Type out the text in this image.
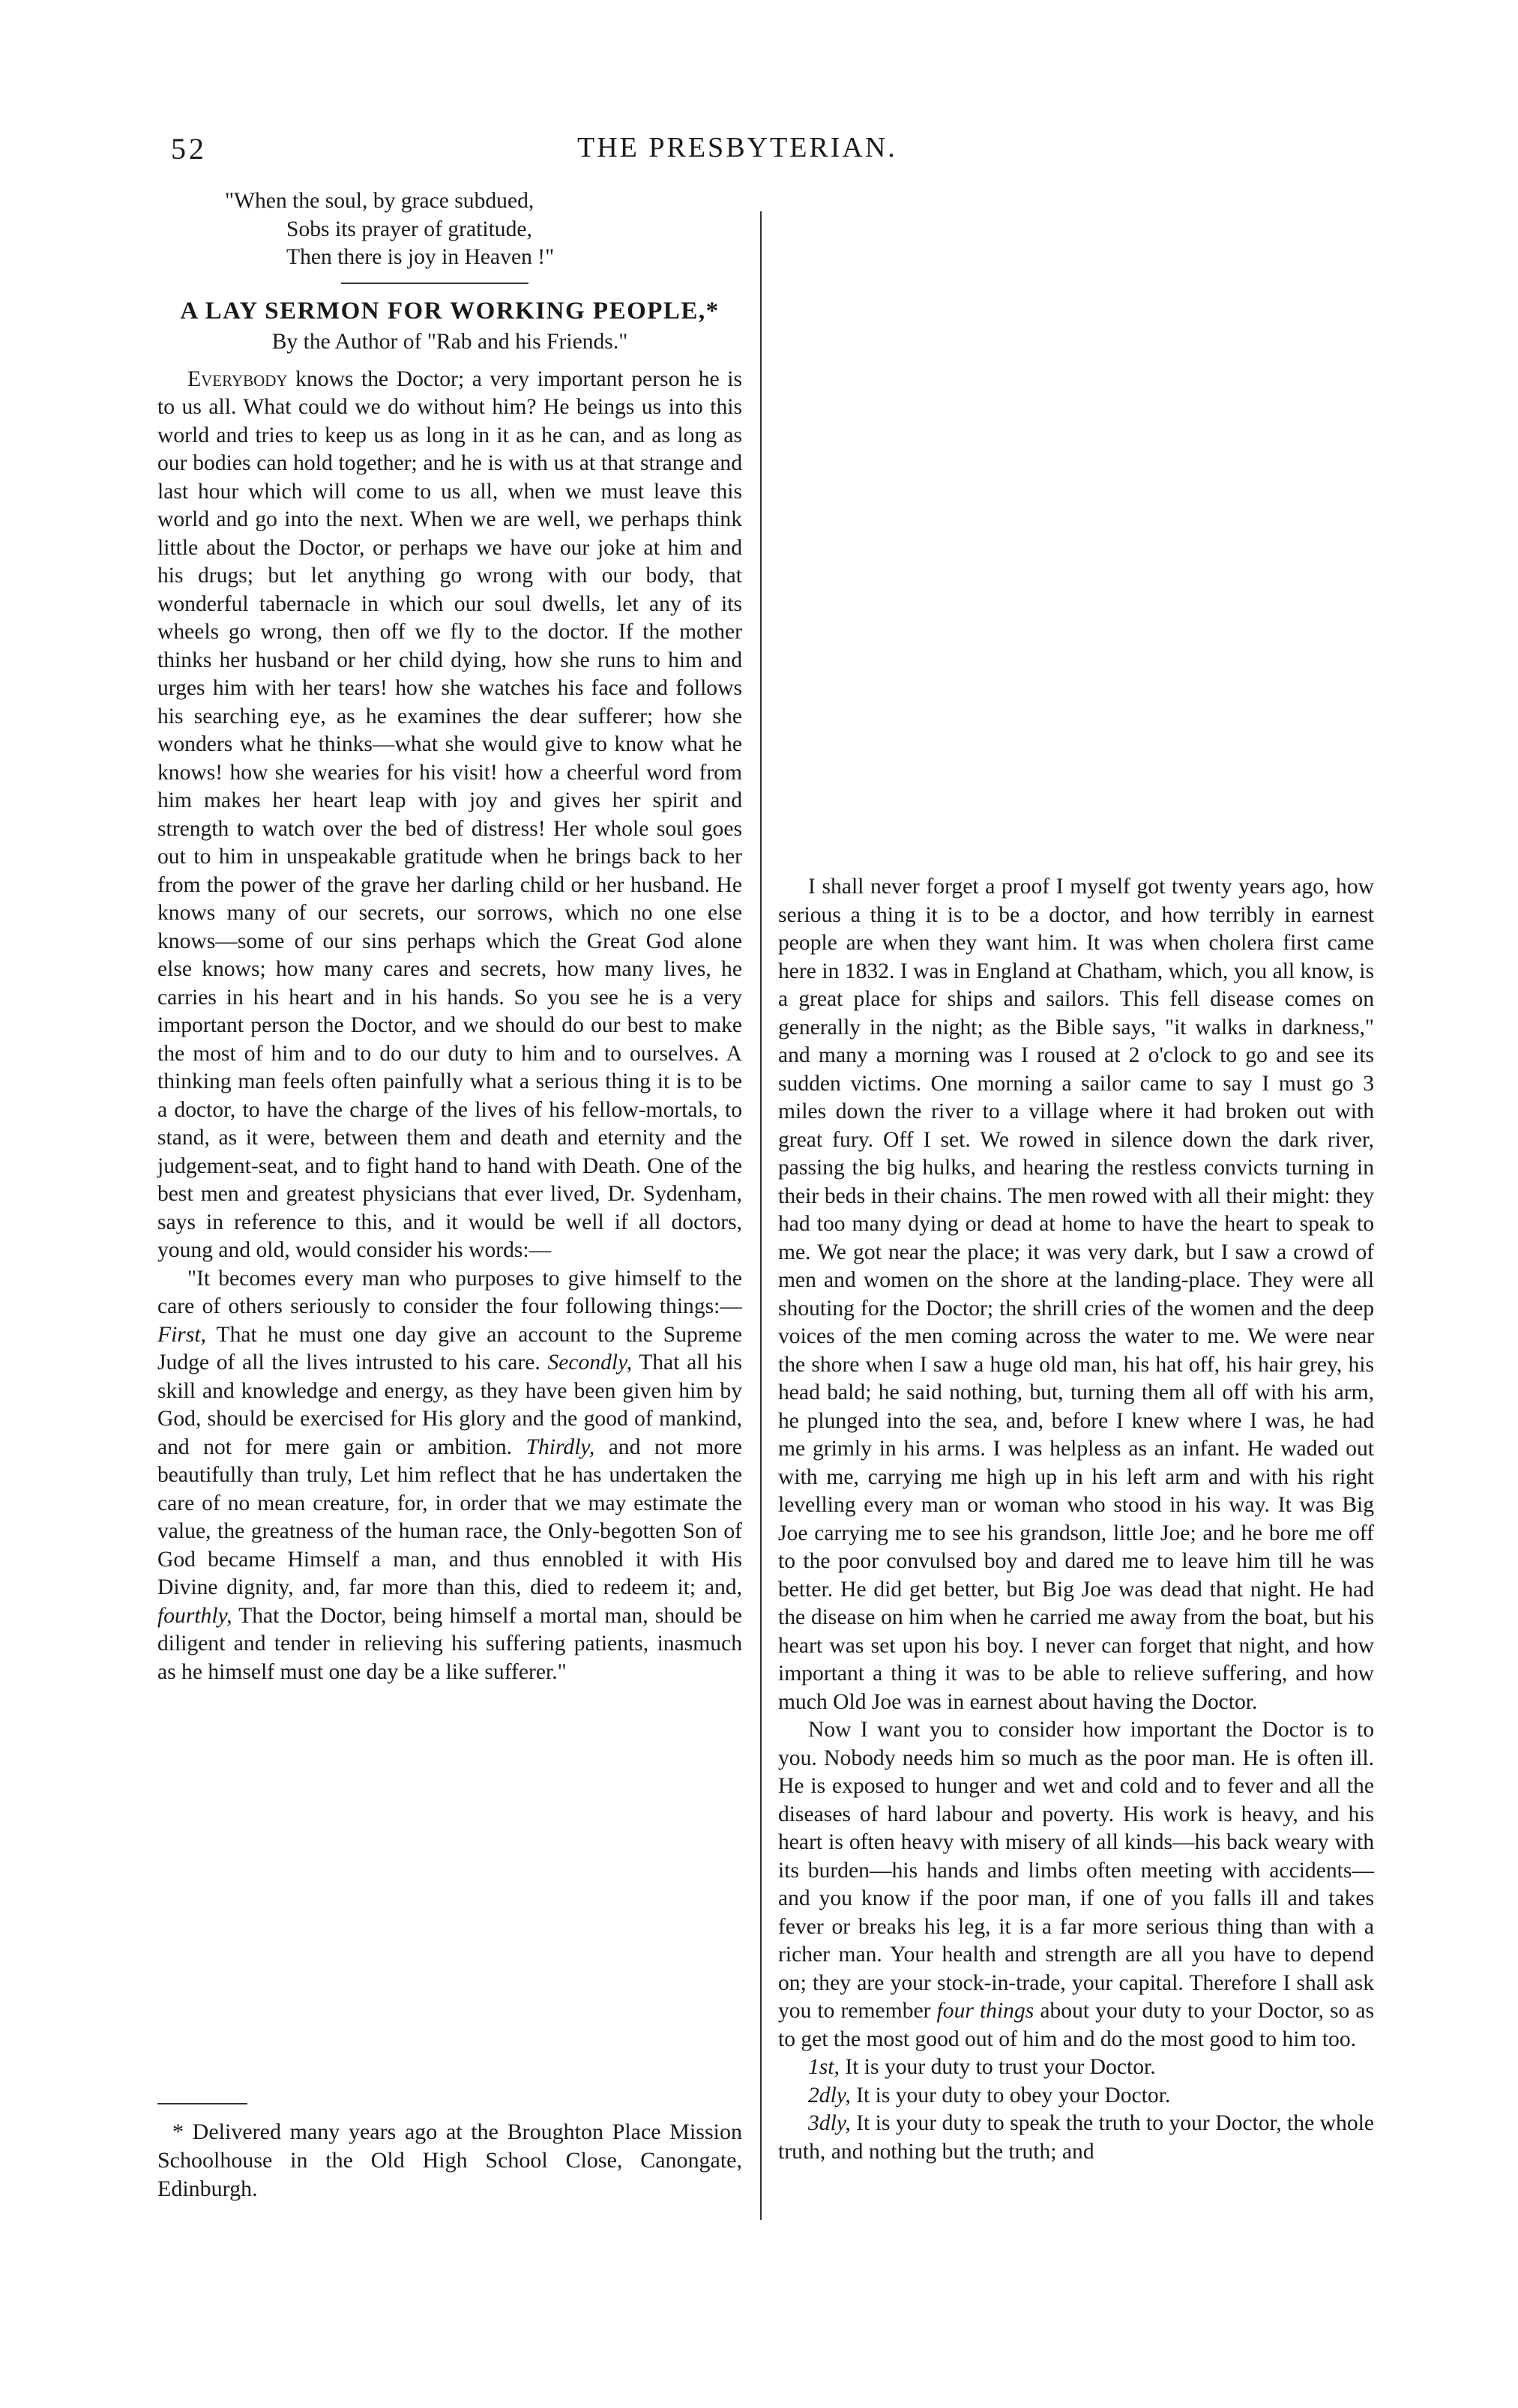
52	THE PRESBYTERIAN.
"When the soul, by grace subdued,
Sobs its prayer of gratitude,
Then there is joy in Heaven !"
A LAY SERMON FOR WORKING PEOPLE,*
By the Author of "Rab and his Friends."

Everybody knows the Doctor; a very important person he is to us all. What could we do without him? He beings us into this world and tries to keep us as long in it as he can, and as long as our bodies can hold together; and he is with us at that strange and last hour which will come to us all, when we must leave this world and go into the next. When we are well, we perhaps think little about the Doctor, or perhaps we have our joke at him and his drugs; but let anything go wrong with our body, that wonderful tabernacle in which our soul dwells, let any of its wheels go wrong, then off we fly to the doctor. If the mother thinks her husband or her child dying, how she runs to him and urges him with her tears! how she watches his face and follows his searching eye, as he examines the dear sufferer; how she wonders what he thinks—what she would give to know what he knows! how she wearies for his visit! how a cheerful word from him makes her heart leap with joy and gives her spirit and strength to watch over the bed of distress! Her whole soul goes out to him in unspeakable gratitude when he brings back to her from the power of the grave her darling child or her husband. He knows many of our secrets, our sorrows, which no one else knows—some of our sins perhaps which the Great God alone else knows; how many cares and secrets, how many lives, he carries in his heart and in his hands. So you see he is a very important person the Doctor, and we should do our best to make the most of him and to do our duty to him and to ourselves. A thinking man feels often painfully what a serious thing it is to be a doctor, to have the charge of the lives of his fellow-mortals, to stand, as it were, between them and death and eternity and the judgement-seat, and to fight hand to hand with Death. One of the best men and greatest physicians that ever lived, Dr. Sydenham, says in reference to this, and it would be well if all doctors, young and old, would consider his words:—

"It becomes every man who purposes to give himself to the care of others seriously to consider the four following things:—First, That he must one day give an account to the Supreme Judge of all the lives intrusted to his care. Secondly, That all his skill and knowledge and energy, as they have been given him by God, should be exercised for His glory and the good of mankind, and not for mere gain or ambition. Thirdly, and not more beautifully than truly, Let him reflect that he has undertaken the care of no mean creature, for, in order that we may estimate the value, the greatness of the human race, the Only-begotten Son of God became Himself a man, and thus ennobled it with His Divine dignity, and, far more than this, died to redeem it; and, fourthly, That the Doctor, being himself a mortal man, should be diligent and tender in relieving his suffering patients, inasmuch as he himself must one day be a like sufferer."

I shall never forget a proof I myself got twenty years ago, how serious a thing it is to be a doctor, and how terribly in earnest people are when they want him. It was when cholera first came here in 1832. I was in England at Chatham, which, you all know, is a great place for ships and sailors. This fell disease comes on generally in the night; as the Bible says, "it walks in darkness," and many a morning was I roused at 2 o'clock to go and see its sudden victims. One morning a sailor came to say I must go 3 miles down the river to a village where it had broken out with great fury. Off I set. We rowed in silence down the dark river, passing the big hulks, and hearing the restless convicts turning in their beds in their chains. The men rowed with all their might: they had too many dying or dead at home to have the heart to speak to me. We got near the place; it was very dark, but I saw a crowd of men and women on the shore at the landing-place. They were all shouting for the Doctor; the shrill cries of the women and the deep voices of the men coming across the water to me. We were near the shore when I saw a huge old man, his hat off, his hair grey, his head bald; he said nothing, but, turning them all off with his arm, he plunged into the sea, and, before I knew where I was, he had me grimly in his arms. I was helpless as an infant. He waded out with me, carrying me high up in his left arm and with his right levelling every man or woman who stood in his way. It was Big Joe carrying me to see his grandson, little Joe; and he bore me off to the poor convulsed boy and dared me to leave him till he was better. He did get better, but Big Joe was dead that night. He had the disease on him when he carried me away from the boat, but his heart was set upon his boy. I never can forget that night, and how important a thing it was to be able to relieve suffering, and how much Old Joe was in earnest about having the Doctor.

Now I want you to consider how important the Doctor is to you. Nobody needs him so much as the poor man. He is often ill. He is exposed to hunger and wet and cold and to fever and all the diseases of hard labour and poverty. His work is heavy, and his heart is often heavy with misery of all kinds—his back weary with its burden—his hands and limbs often meeting with accidents—and you know if the poor man, if one of you falls ill and takes fever or breaks his leg, it is a far more serious thing than with a richer man. Your health and strength are all you have to depend on; they are your stock-in-trade, your capital. Therefore I shall ask you to remember four things about your duty to your Doctor, so as to get the most good out of him and do the most good to him too.

1st, It is your duty to trust your Doctor.

2dly, It is your duty to obey your Doctor.

3dly, It is your duty to speak the truth to your Doctor, the whole truth, and nothing but the truth; and

* Delivered many years ago at the Broughton Place Mission Schoolhouse in the Old High School Close, Canongate, Edinburgh.
